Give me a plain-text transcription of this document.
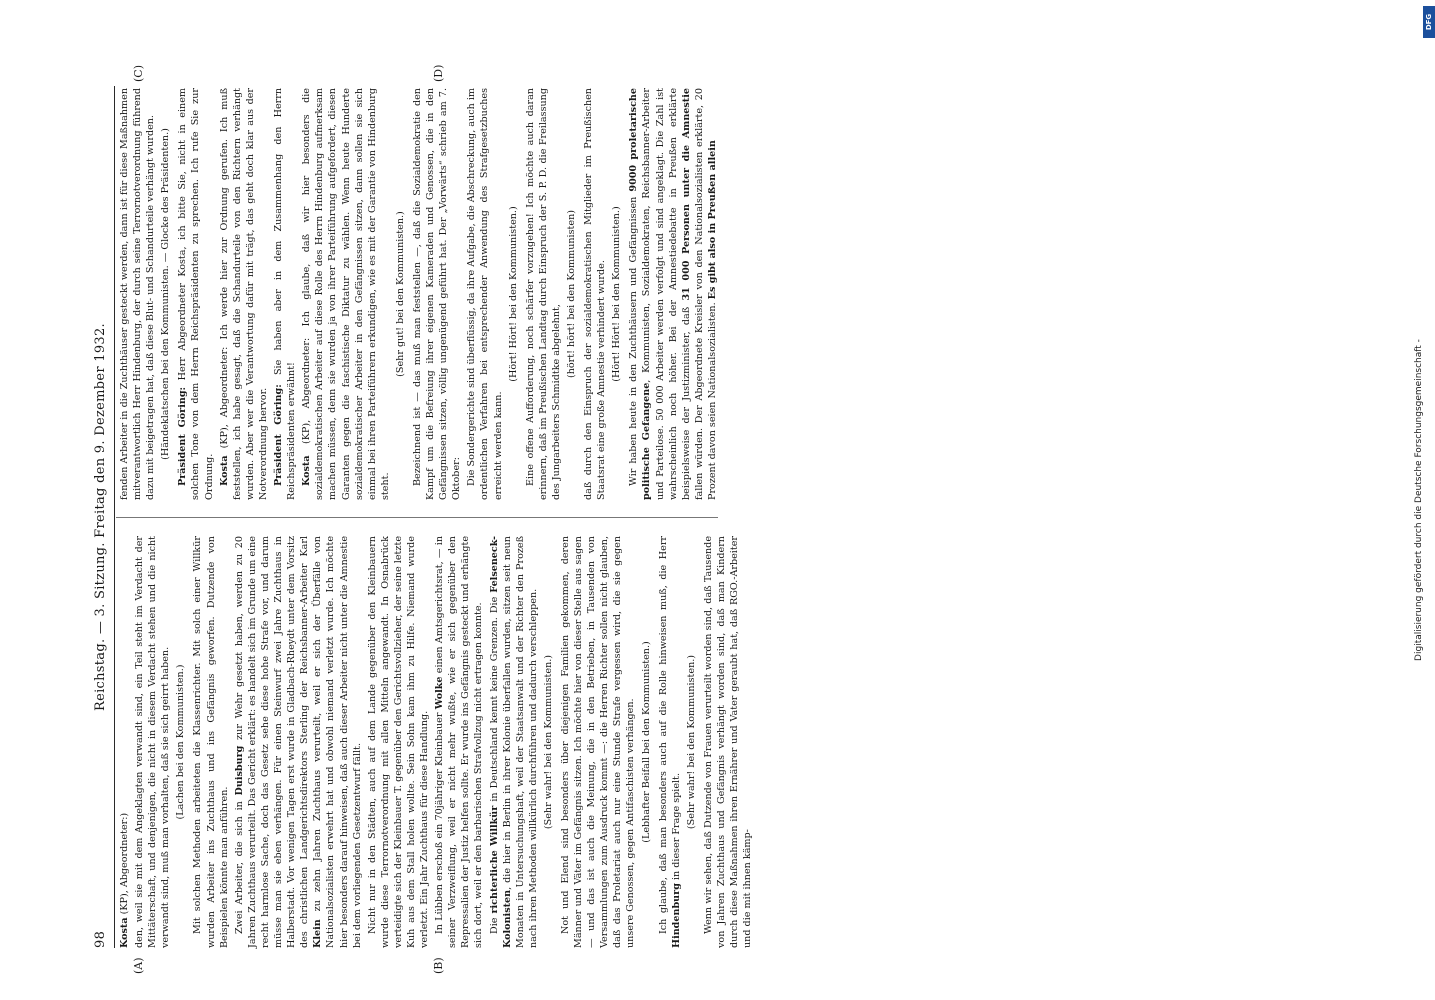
98
Reichstag. — 3. Sitzung. Freitag den 9. Dezember 1932.

Kosta (KP), Abgeordneter:) den, weil sie mit dem Angeklagten verwandt sind, ein Teil steht im Verdacht der Mittäterschaft, und denjenigen, die nicht in diesem Verdacht stehen und die nicht verwandt sind, muß man vorhalten, daß sie sich geirrt haben. (Lachen bei den Kommunisten.) Mit solchen Methoden arbeiteten die Klassenrichter. Mit solch einer Willkür wurden Arbeiter ins Zuchthaus und ins Gefängnis geworfen. Dutzende von Beispielen könnte man anführen. Zwei Arbeiter, die sich in Duisburg zur Wehr gesetzt haben, werden zu 20 Jahren Zuchthaus verurteilt. Das Gericht erklärt: es handelt sich im Grunde um eine recht harmlose Sache, doch das Gesetz sehe diese hohe Strafe vor, und darum müsse man sie eben verhängen. Für einen Steinwurf zwei Jahre Zuchthaus in Halberstadt. Vor wenigen Tagen erst wurde in Gladbach-Rheydt unter dem Vorsitz des christlichen Landgerichtsdirektors Sterling der Reichsbanner-Arbeiter Karl Klein zu zehn Jahren Zuchthaus verurteilt, weil er sich der Überfälle von Nationalsozialisten erwehrt hat und obwohl niemand verletzt wurde. Ich möchte hier besonders darauf hinweisen, daß auch dieser Arbeiter nicht unter die Amnestie bei dem vorliegenden Gesetzentwurf fällt. Nicht nur in den Städten, auch auf dem Lande gegenüber den Kleinbauern wurde diese Terrornotverordnung mit allen Mitteln angewandt. In Osnabrück verteidigte sich der Kleinbauer T. gegenüber den Gerichtsvollzieher, der seine letzte Kuh aus dem Stall holen wollte. Sein Sohn kam ihm zu Hilfe. Niemand wurde verletzt. Ein Jahr Zuchthaus für diese Handlung. In Lübben erschoß ein 70jähriger Kleinbauer Wolke einen Amtsgerichtsrat, — in seiner Verzweiflung, weil er nicht mehr wußte, wie er sich gegenüber den Repressalien der Justiz helfen sollte. Er wurde ins Gefängnis gesteckt und erhängte sich dort, weil er den barbarischen Strafvollzug nicht ertragen konnte. Die richterliche Willkür in Deutschland kennt keine Grenzen. Die Felseneck-Kolonisten, die hier in Berlin in ihrer Kolonie überfallen wurden, sitzen seit neun Monaten in Untersuchungshaft, weil der Staatsanwalt und der Richter den Prozeß nach ihren Methoden willkürlich durchführen und dadurch verschleppen. (Sehr wahr! bei den Kommunisten.) Not und Elend sind besonders über diejenigen Familien gekommen, deren Männer und Väter im Gefängnis sitzen. Ich möchte hier von dieser Stelle aus sagen — und das ist auch die Meinung, die in den Betrieben, in Tausenden von Versammlungen zum Ausdruck kommt —: die Herren Richter sollen nicht glauben, daß das Proletariat auch nur eine Stunde Strafe vergessen wird, die sie gegen unsere Genossen, gegen Antifaschisten verhängen. (Lebhafter Beifall bei den Kommunisten.) Ich glaube, daß man besonders auch auf die Rolle hinweisen muß, die Herr Hindenburg in dieser Frage spielt. (Sehr wahr! bei den Kommunisten.) Wenn wir sehen, daß Dutzende von Frauen verurteilt worden sind, daß Tausende von Jahren Zuchthaus und Gefängnis verhängt worden sind, daß man Kindern durch diese Maßnahmen ihren Ernährer und Vater geraubt hat, daß RGO.-Arbeiter und die mit ihnen kämp-

fenden Arbeiter in die Zuchthäuser gesteckt werden, dann ist für diese Maßnahmen mitverantwortlich Herr Hindenburg, der durch seine Terrornotverordnung führend dazu mit beigetragen hat, daß diese Blut- und Schandurteile verhängt wurden. (Händeklatschen bei den Kommunisten. — Glocke des Präsidenten.) Präsident Göring: Herr Abgeordneter Kosta, ich bitte Sie, nicht in einem solchen Tone von dem Herrn Reichspräsidenten zu sprechen. Ich rufe Sie zur Ordnung. Kosta (KP), Abgeordneter: Ich werde hier zur Ordnung gerufen. Ich muß feststellen, ich habe gesagt, daß die Schandurteile von den Richtern verhängt wurden. Aber wer die Verantwortung dafür mit trägt, das geht doch klar aus der Notverordnung hervor. Präsident Göring: Sie haben aber in dem Zusammenhang den Herrn Reichspräsidenten erwähnt! Kosta (KP), Abgeordneter: Ich glaube, daß wir hier besonders die sozialdemokratischen Arbeiter auf diese Rolle des Herrn Hindenburg aufmerksam machen müssen, denn sie wurden ja von ihrer Parteiführung aufgefordert, diesen Garanten gegen die faschistische Diktatur zu wählen. Wenn heute Hunderte sozialdemokratischer Arbeiter in den Gefängnissen sitzen, dann sollen sie sich einmal bei ihren Parteiführern erkundigen, wie es mit der Garantie von Hindenburg steht.

(Sehr gut! bei den Kommunisten.) Bezeichnend ist — das muß man feststellen —, daß die Sozialdemokratie den Kampf um die Befreiung ihrer eigenen Kameraden und Genossen, die in den Gefängnissen sitzen, völlig ungenügend geführt hat. Der „Vorwärts“ schrieb am 7. Oktober: Die Sondergerichte sind überflüssig, da ihre Aufgabe, die Abschreckung, auch im ordentlichen Verfahren bei entsprechender Anwendung des Strafgesetzbuches erreicht werden kann.

(Hört! Hört! bei den Kommunisten.) Eine offene Aufforderung, noch schärfer vorzugehen! Ich möchte auch daran erinnern, daß im Preußischen Landtag durch Einspruch der S. P. D. die Freilassung des Jungarbeiters Schmidtke abgelehnt,

(hört! hört! bei den Kommunisten) daß durch den Einspruch der sozialdemokratischen Mitglieder im Preußischen Staatsrat eine große Amnestie verhindert wurde. (Hört! Hört! bei den Kommunisten.) Wir haben heute in den Zuchthäusern und Gefängnissen 9000 proletarische politische Gefangene, Kommunisten, Sozialdemokraten, Reichsbanner-Arbeiter und Parteilose. 50 000 Arbeiter werden verfolgt und sind angeklagt. Die Zahl ist wahrscheinlich noch höher. Bei der Amnestiedebatte in Preußen erklärte beispielsweise der Justizminister, daß 31 000 Personen unter die Amnestie fallen würden. Der Abgeordnete Kreisler von den Nationalsozialisten erklärte, 20 Prozent davon seien Nationalsozialisten. Es gibt also in Preußen allein

(A)	(B)
(C)	(D)
Digitalisierung gefördert durch die Deutsche Forschungsgemeinschaft -
DFG
